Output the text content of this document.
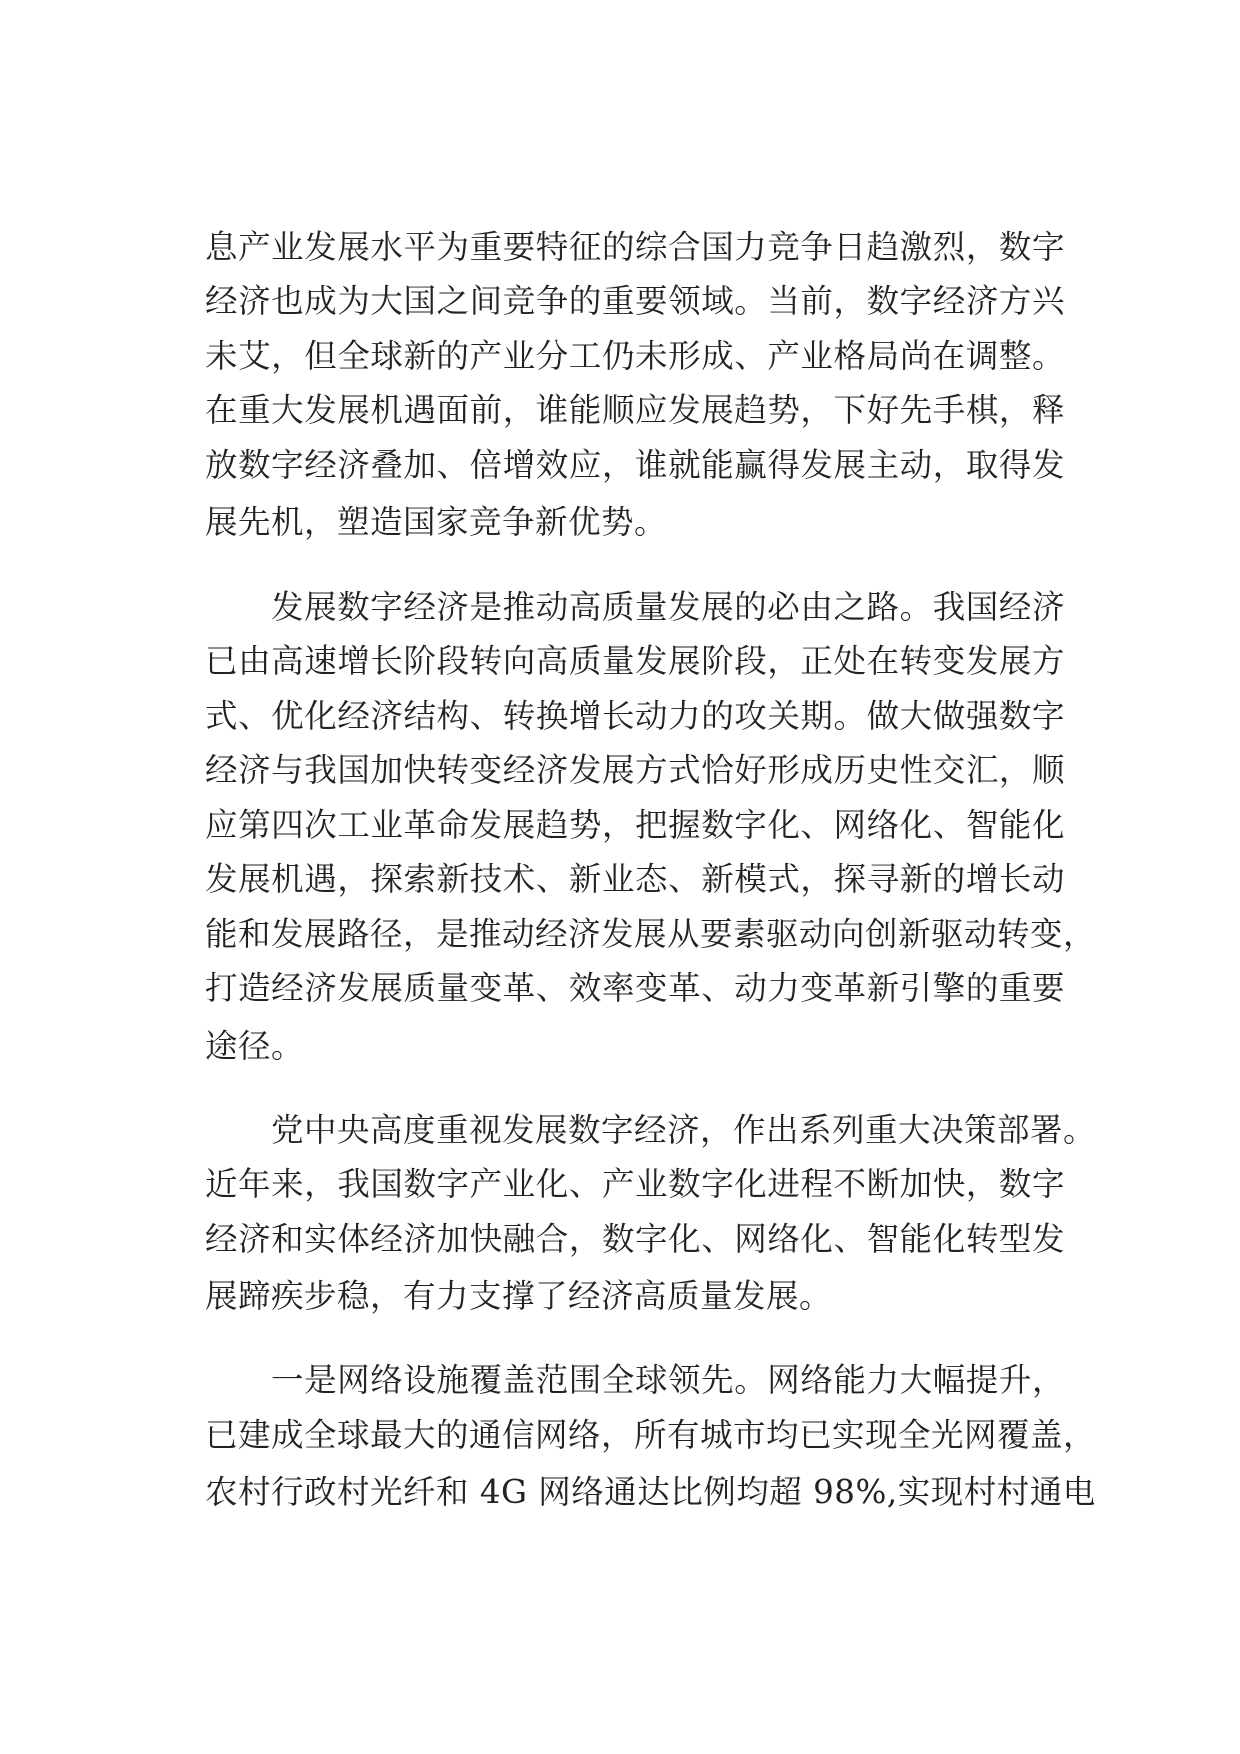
息产业发展水平为重要特征的综合国力竞争日趋激烈，数字
经济也成为大国之间竞争的重要领域。当前，数字经济方兴
未艾，但全球新的产业分工仍未形成、产业格局尚在调整。
在重大发展机遇面前，谁能顺应发展趋势，下好先手棋，释
放数字经济叠加、倍增效应，谁就能赢得发展主动，取得发
展先机，塑造国家竞争新优势。
发展数字经济是推动高质量发展的必由之路。我国经济
已由高速增长阶段转向高质量发展阶段，正处在转变发展方
式、优化经济结构、转换增长动力的攻关期。做大做强数字
经济与我国加快转变经济发展方式恰好形成历史性交汇，顺
应第四次工业革命发展趋势，把握数字化、网络化、智能化
发展机遇，探索新技术、新业态、新模式，探寻新的增长动
能和发展路径，是推动经济发展从要素驱动向创新驱动转变，
打造经济发展质量变革、效率变革、动力变革新引擎的重要
途径。
党中央高度重视发展数字经济，作出系列重大决策部署。
近年来，我国数字产业化、产业数字化进程不断加快，数字
经济和实体经济加快融合，数字化、网络化、智能化转型发
展蹄疾步稳，有力支撑了经济高质量发展。
一是网络设施覆盖范围全球领先。网络能力大幅提升，
已建成全球最大的通信网络，所有城市均已实现全光网覆盖，
农村行政村光纤和 4G 网络通达比例均超 98%,实现村村通电
